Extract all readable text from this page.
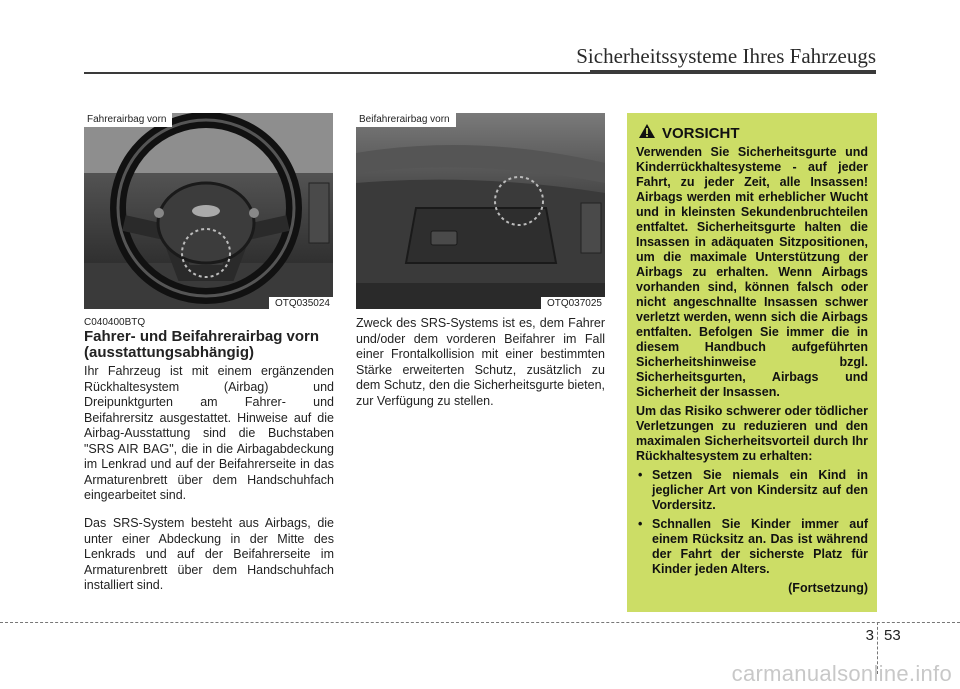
Sicherheitssysteme Ihres Fahrzeugs
Fahrerairbag vorn
OTQ035024
Beifahrerairbag vorn
OTQ037025
C040400BTQ
Fahrer- und Beifahrerairbag vorn (ausstattungsabhängig)
Ihr Fahrzeug ist mit einem ergänzenden Rückhaltesystem (Airbag) und Dreipunktgurten am Fahrer- und Beifahrersitz ausgestattet. Hinweise auf die Airbag-Ausstattung sind die Buchstaben "SRS AIR BAG", die in die Airbagabdeckung im Lenkrad und auf der Beifahrerseite in das Armaturenbrett über dem Handschuhfach eingearbeitet sind.
Das SRS-System besteht aus Airbags, die unter einer Abdeckung in der Mitte des Lenkrads und auf der Beifahrerseite im Armaturenbrett über dem Handschuhfach installiert sind.
Zweck des SRS-Systems ist es, dem Fahrer und/oder dem vorderen Beifahrer im Fall einer Frontalkollision mit einer bestimmten Stärke erweiterten Schutz, zusätzlich zu dem Schutz, den die Sicherheitsgurte bieten, zur Verfügung zu stellen.
VORSICHT

Verwenden Sie Sicherheitsgurte und Kinderrückhaltesysteme - auf jeder Fahrt, zu jeder Zeit, alle Insassen! Airbags werden mit erheblicher Wucht und in kleinsten Sekundenbruchteilen entfaltet. Sicherheitsgurte halten die Insassen in adäquaten Sitzpositionen, um die maximale Unterstützung der Airbags zu erhalten. Wenn Airbags vorhanden sind, können falsch oder nicht angeschnallte Insassen schwer verletzt werden, wenn sich die Airbags entfalten. Befolgen Sie immer die in diesem Handbuch aufgeführten Sicherheitshinweise bzgl. Sicherheitsgurten, Airbags und Sicherheit der Insassen.

Um das Risiko schwerer oder tödlicher Verletzungen zu reduzieren und den maximalen Sicherheitsvorteil durch Ihr Rückhaltesystem zu erhalten:

• Setzen Sie niemals ein Kind in jeglicher Art von Kindersitz auf den Vordersitz.
• Schnallen Sie Kinder immer auf einem Rücksitz an. Das ist während der Fahrt der sicherste Platz für Kinder jeden Alters.
(Fortsetzung)
3 53
carmanualsonline.info
